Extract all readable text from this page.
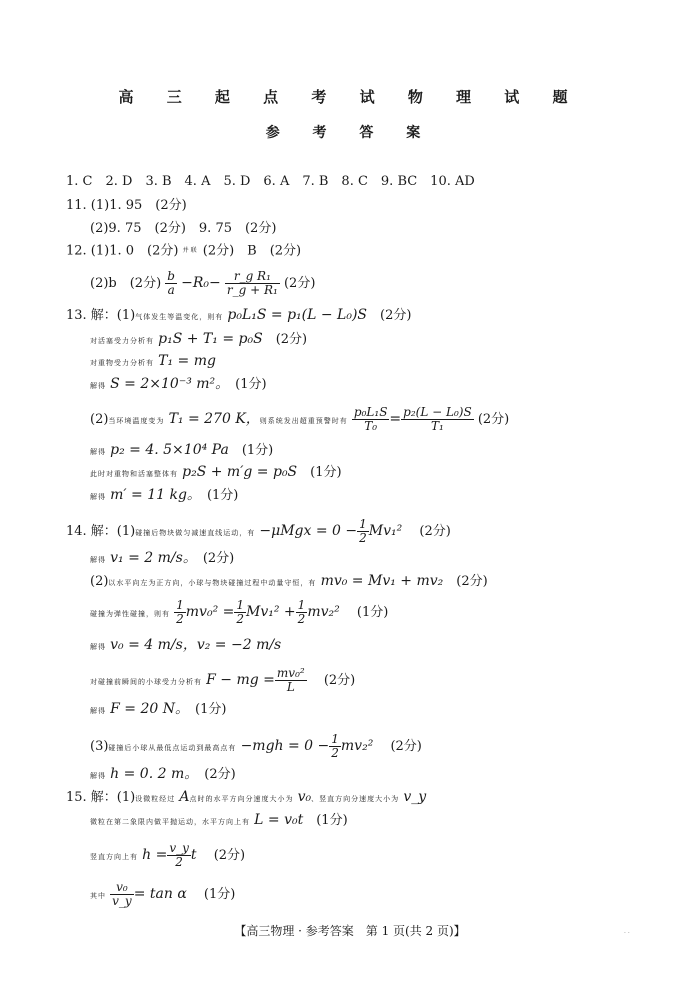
高 三 起 点 考 试 物 理 试 题
参 考 答 案
1. C　2. D　3. B　4. A　5. D　6. A　7. B　8. C　9. BC　10. AD
11. (1)1. 95　(2分)
(2)9. 75　(2分)　9. 75　(2分)
12. (1)1. 0　(2分) 并联 (2分)　B　(2分)
(2)b　(2分) $\frac{b}{a} -R_0- \frac{\text{r\_g R₁}}{\text{r\_g + R₁}} (2$分)
13. 解：(1)气体发生等温变化，则有 p₀L₁S = p₁(L − L₀)S　 (2分)
对活塞受力分析有 p₁S + T₁ = p₀S　 (2分)
对重物受力分析有 T₁ = mg
解得 S = 2×10⁻³ m²。　 (1分)
(2)当环境温度变为 T₁ = 270 K，则系统发出超重预警时有 $\frac{\text{p₀L₁S}}{\text{T₀}} = \frac{\text{p₂(L − L₀)S}}{\text{T₁}} (2$分)
解得 p₂ = 4. 5×10⁴ Pa　 (1分)
此时对重物和活塞整体有 p₂S + m′g = p₀S　 (1分)
解得 m′ = 11 kg。　 (1分)
14. 解：(1)碰撞后物块做匀减速直线运动，有 $-\mu Mgx = 0 - \frac{1}{2} Mv_1^2$ 　 (2分)
解得 v₁ = 2 m/s。　 (2分)
(2)以水平向左为正方向，小球与物块碰撞过程中动量守恒，有 mv₀ = Mv₁ + mv₂　 (2分)
碰撞为弹性碰撞，则有 $\frac{1}{2} mv_0^2 = \frac{1}{2} Mv_1^2 + \frac{1}{2} mv_2^2$ 　 (1分)
解得 v₀ = 4 m/s，v₂ = −2 m/s
对碰撞前瞬间的小球受力分析有 F − mg = $\frac{\text{mv₀²}}{L}$
　 (2分)
解得 F = 20 N。　 (1分)
(3)碰撞后小球从最低点运动到最高点有 $-mgh = 0 - \frac{1}{2} mv_2^2$ 　 (2分)
解得 h = 0. 2 m。　 (2分)
15. 解：(1)设微粒经过 A点时的水平方向分速度大小为 v₀、竖直方向分速度大小为 v_y
微粒在第二象限内做平抛运动，水平方向上有 L = v₀t　 (1分)
竖直方向上有 $h = \frac{v\_y}{2}$ t 　 (2分)
其中 $\frac{\text{v₀}}{v\_y} = \tan \alpha$ 　 (1分)
【高三物理 · 参考答案　第 1 页(共 2 页)】	· ·
